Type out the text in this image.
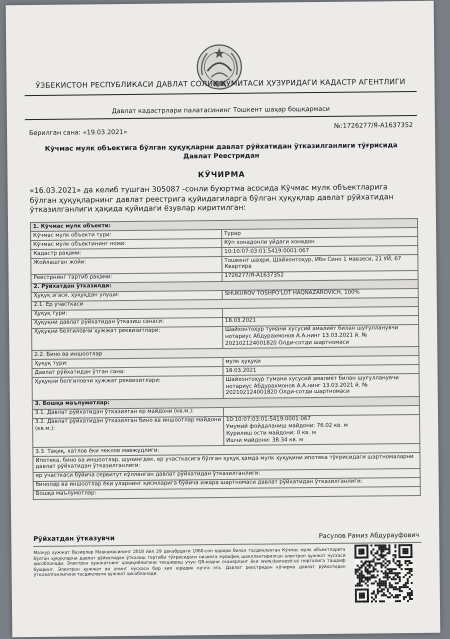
ЎЗБЕКИСТОН РЕСПУБЛИКАСИ ДАВЛАТ СОЛИҚ ҚЎМИТАСИ ҲУЗУРИДАГИ КАДАСТР АГЕНТЛИГИ
Давлат кадастрлари палатасининг Тошкент шаҳар бошқармаси
Берилган сана: «19.03.2021»
№:1726277/Я-A1637352
Кўчмас мулк объектига бўлган ҳуқуқларни давлат рўйхатидан ўтказилганлиги тўғрисида Давлат Реестридан
КЎЧИРМА
«16.03.2021» да келиб тушган 305087 -сонли буюртма асосида Кўчмас мулк объектларига бўлган ҳуқуқларнинг давлат реестрига қуйидагиларга бўлган ҳуқуқлар давлат рўйхатидан ўтказилганлиги ҳақида қуйидаги ёзувлар киритилган:
1. Кўчмас мулк объекти:	
Кўчмас мулк объекти тури:	Турар
Кўчмас мулк объектининг номи:	Кўп хонадонли уйдаги хонадон
Кадастр рақами:	10:10:07:03:01:5419:0001:067
Жойлашган жойи:	Тошкент шаҳри, Шайхонтоҳур, Ибн Сино 1 мавзеси, 21 УЙ, 67 Квартира
Реестрнинг тартиб рақами:	1726277/Я-A1637352
2. Рўйхатдан ўтказилди:	
Ҳуқуқ эгаси, ҳуқуқдан улуши:	SHUKUROV TOSHPO'LOT HAQNAZAROVICH, 100%
2.1. Ер участкаси	
Ҳуқуқ тури:	
Ҳуқуқни давлат рўйхатидан ўтказиш санаси:	18.03.2021
Ҳуқуқни белгиловчи ҳужжат реквизитлари:	Шайхонтоҳур тумани хусусий амалиёт билан шуғулланувчи нотариус Абдурахмонов А.А.нинг 13.03.2021 й. № 202102124001820 Олди-сотди шартномаси
2.2. Бино ва иншоотлар	
Ҳуқуқ тури:	мулк ҳуқуқи
Давлат рўйхатидан ўтган сана:	18.03.2021
Ҳуқуқни белгиловчи ҳужжат реквизитлари:	Шайхонтоҳур тумани хусусий амалиёт билан шуғулланувчи нотариус Абдурахмонов А.А.нинг 13.03.2021 й. № 202102124001820 Олди-сотди шартномаси
3. Бошқа маълумотлар:	
3.1. Давлат рўйхатидан ўтказилган ер майдони (кв.м.):	
3.2. Давлат рўйхатидан ўтказилган бино ва иншоотлар майдони (кв.м.):	10:10:07:03:01:5419:0001:067
Умумий фойдаланиш майдони: 76.02 кв. м
Курилиш ости майдони: 0 кв. м
Ишчи майдони: 38.34 кв. м
3.3. Тақиқ, хатлов ёки чеклов мавжудлиги:	
Ипотека, бино ва иншоотлар, шунингдек, ер участкасига бўлган ҳуқуқ ҳамда мулк ҳуқуқини ипотека тўғрисидаги шартномаларни давлат рўйхатидан ўтказилганлиги:	
ер участкаси бўйича сервитут кўлланган давлат рўйхатидан ўтказилганлиги:	
бинолар ва иншоотлар ёки уларнинг қисмларига бўйича ижара шартномаси давлат рўйхатидан ўтказилганлиги:	
Бошқа маълумотлар:	
Рўйхатдан ўтказувчи	Расулов Рамиз Абдурауфович
Мазкур ҳужжат Вазирлар Маҳкамасининг 2018 йил 29 декабрдаги 1060-сон қарори билан тасдиқланган Кўчмас мулк объектларига бўлган ҳуқуқларни давлат рўйхатидан ўтказиш тартиби тўғрисидаги низомга мувофиқ шакллантирилган электрон ҳужжат нусхаси ҳисобланади. Электрон ҳужжатнинг ҳақиқийлигини текшириш учун QR-кодни сканерланг ёки www.davreestr.uz порталига ташриф буюринг. Электрон ҳужжат ва унинг нусхаси бир хил юридик кучга эга. Давлат реестридан кўчирма давлат рўйхатидан ўтказилганлигини тасдиқловчи ҳужжат ҳисобланади.
